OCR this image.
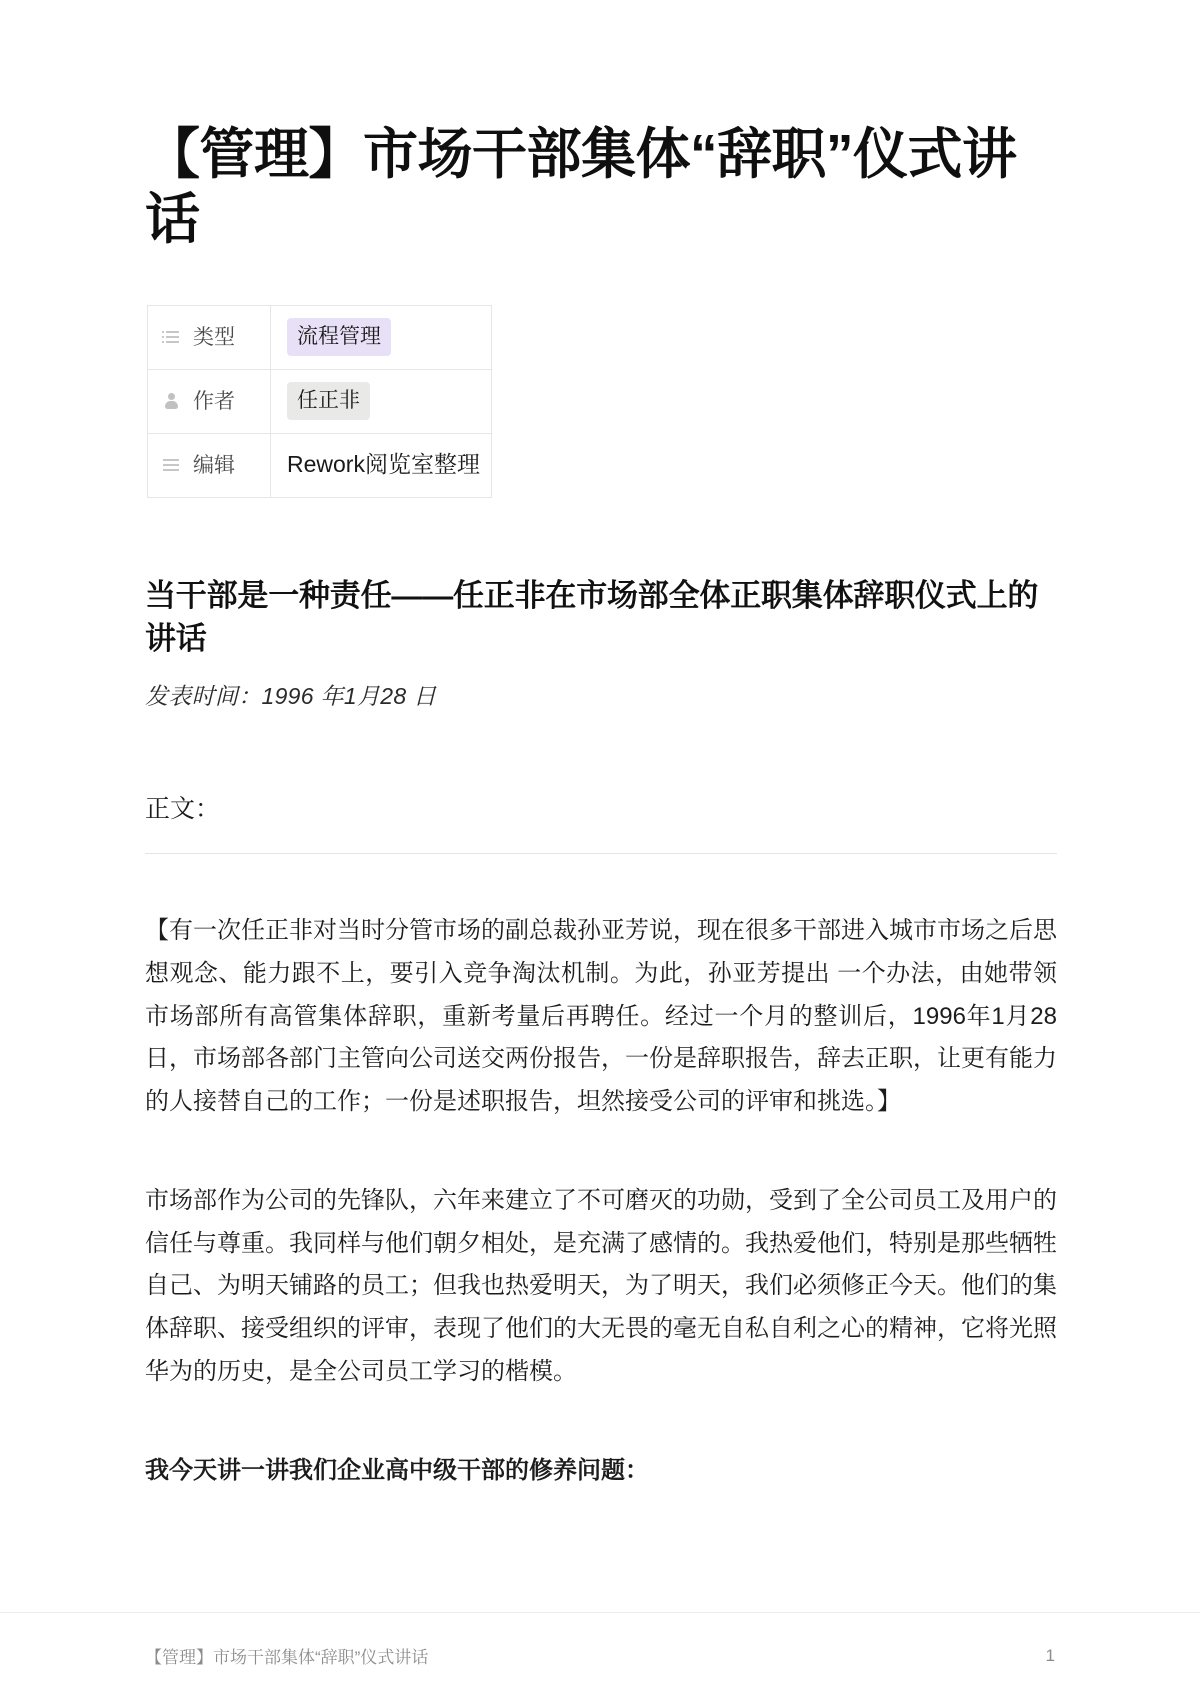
【管理】市场干部集体“辞职”仪式讲话
类型	流程管理

作者	任正非

编辑	Rework阅览室整理
当干部是一种责任——任正非在市场部全体正职集体辞职仪式上的讲话

发表时间：1996 年1月28 日

正文：

【有一次任正非对当时分管市场的副总裁孙亚芳说，现在很多干部进入城市市场之后思想观念、能力跟不上，要引入竞争淘汰机制。为此，孙亚芳提出 一个办法，由她带领市场部所有高管集体辞职，重新考量后再聘任。经过一个月的整训后，1996年1月28日，市场部各部门主管向公司送交两份报告，一份是辞职报告，辞去正职，让更有能力的人接替自己的工作；一份是述职报告，坦然接受公司的评审和挑选。】

市场部作为公司的先锋队，六年来建立了不可磨灭的功勋，受到了全公司员工及用户的信任与尊重。我同样与他们朝夕相处，是充满了感情的。我热爱他们，特别是那些牺牲自己、为明天铺路的员工；但我也热爱明天，为了明天，我们必须修正今天。他们的集体辞职、接受组织的评审，表现了他们的大无畏的毫无自私自利之心的精神，它将光照华为的历史，是全公司员工学习的楷模。

我今天讲一讲我们企业高中级干部的修养问题：

【管理】市场干部集体“辞职”仪式讲话	1
